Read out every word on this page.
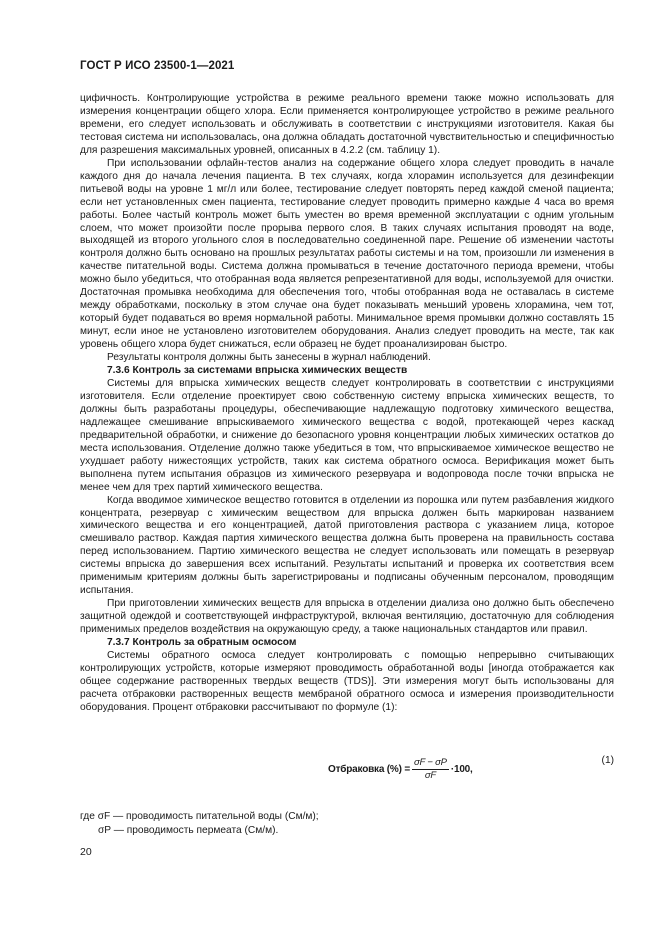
ГОСТ Р ИСО 23500-1—2021

цифичность. Контролирующие устройства в режиме реального времени также можно использовать для измерения концентрации общего хлора. Если применяется контролирующее устройство в режиме реального времени, его следует использовать и обслуживать в соответствии с инструкциями изготовителя. Какая бы тестовая система ни использовалась, она должна обладать достаточной чувствительностью и специфичностью для разрешения максимальных уровней, описанных в 4.2.2 (см. таблицу 1).

При использовании офлайн-тестов анализ на содержание общего хлора следует проводить в начале каждого дня до начала лечения пациента. В тех случаях, когда хлорамин используется для дезинфекции питьевой воды на уровне 1 мг/л или более, тестирование следует повторять перед каждой сменой пациента; если нет установленных смен пациента, тестирование следует проводить примерно каждые 4 часа во время работы. Более частый контроль может быть уместен во время временной эксплуатации с одним угольным слоем, что может произойти после прорыва первого слоя. В таких случаях испытания проводят на воде, выходящей из второго угольного слоя в последовательно соединенной паре. Решение об изменении частоты контроля должно быть основано на прошлых результатах работы системы и на том, произошли ли изменения в качестве питательной воды. Система должна промываться в течение достаточного периода времени, чтобы можно было убедиться, что отобранная вода является репрезентативной для воды, используемой для очистки. Достаточная промывка необходима для обеспечения того, чтобы отобранная вода не оставалась в системе между обработками, поскольку в этом случае она будет показывать меньший уровень хлорамина, чем тот, который будет подаваться во время нормальной работы. Минимальное время промывки должно составлять 15 минут, если иное не установлено изготовителем оборудования. Анализ следует проводить на месте, так как уровень общего хлора будет снижаться, если образец не будет проанализирован быстро.

Результаты контроля должны быть занесены в журнал наблюдений.

7.3.6 Контроль за системами впрыска химических веществ

Системы для впрыска химических веществ следует контролировать в соответствии с инструкциями изготовителя. Если отделение проектирует свою собственную систему впрыска химических веществ, то должны быть разработаны процедуры, обеспечивающие надлежащую подготовку химического вещества, надлежащее смешивание впрыскиваемого химического вещества с водой, протекающей через каскад предварительной обработки, и снижение до безопасного уровня концентрации любых химических остатков до места использования. Отделение должно также убедиться в том, что впрыскиваемое химическое вещество не ухудшает работу нижестоящих устройств, таких как система обратного осмоса. Верификация может быть выполнена путем испытания образцов из химического резервуара и водопровода после точки впрыска не менее чем для трех партий химического вещества.

Когда вводимое химическое вещество готовится в отделении из порошка или путем разбавления жидкого концентрата, резервуар с химическим веществом для впрыска должен быть маркирован названием химического вещества и его концентрацией, датой приготовления раствора с указанием лица, которое смешивало раствор. Каждая партия химического вещества должна быть проверена на правильность состава перед использованием. Партию химического вещества не следует использовать или помещать в резервуар системы впрыска до завершения всех испытаний. Результаты испытаний и проверка их соответствия всем применимым критериям должны быть зарегистрированы и подписаны обученным персоналом, проводящим испытания.

При приготовлении химических веществ для впрыска в отделении диализа оно должно быть обеспечено защитной одеждой и соответствующей инфраструктурой, включая вентиляцию, достаточную для соблюдения применимых пределов воздействия на окружающую среду, а также национальных стандартов или правил.

7.3.7 Контроль за обратным осмосом

Системы обратного осмоса следует контролировать с помощью непрерывно считывающих контролирующих устройств, которые измеряют проводимость обработанной воды [иногда отображается как общее содержание растворенных твердых веществ (TDS)]. Эти измерения могут быть использованы для расчета отбраковки растворенных веществ мембраной обратного осмоса и измерения производительности оборудования. Процент отбраковки рассчитывают по формуле (1):

Отбраковка (%) = $\frac{\sigma F - \sigma P}{\sigma F} \cdot 100$,
(1)
где σF — проводимость питательной воды (См/м);
σP — проводимость пермеата (См/м).
20
